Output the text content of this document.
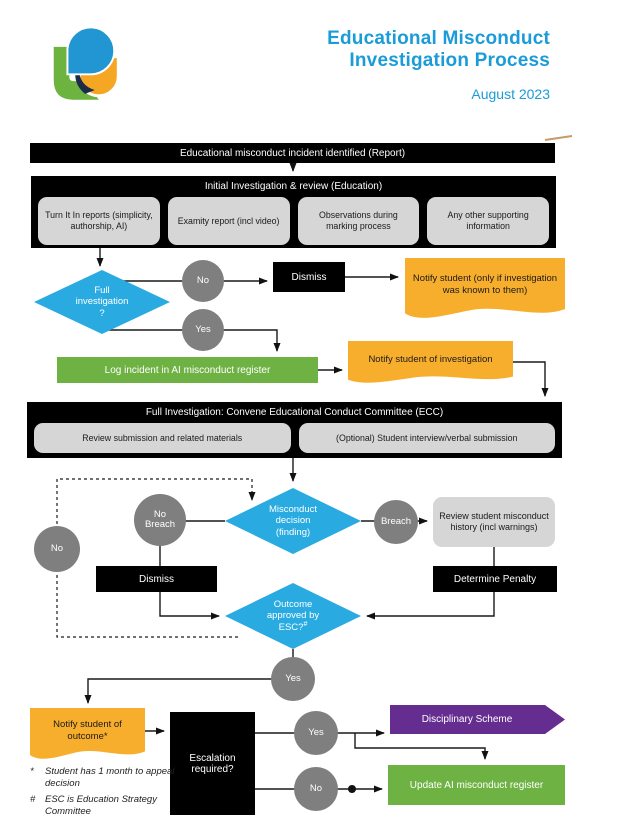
Educational Misconduct
Investigation Process
August 2023
Educational misconduct incident identified (Report)
Initial Investigation & review (Education)
Turn It In reports (simplicity, authorship, AI)
Examity report (incl video)
Observations during marking process
Any other supporting information
Full
investigation
?
No
Yes
Dismiss	Notify student (only if investigation was known to them)
Log incident in AI misconduct register
Notify student of investigation
Full Investigation: Convene Educational Conduct Committee (ECC)
Review submission and related materials	(Optional) Student interview/verbal submission
Misconduct
decision
(finding)
No Breach	Breach
No
Review student misconduct history (incl warnings)
Dismiss	Determine Penalty
Outcome
approved by
ESC?#
Yes
Notify student of outcome*
Escalation required?
Yes
No
Disciplinary Scheme
Update AI misconduct register
*	Student has 1 month to appeal decision
# ESC is Education Strategy Committee
